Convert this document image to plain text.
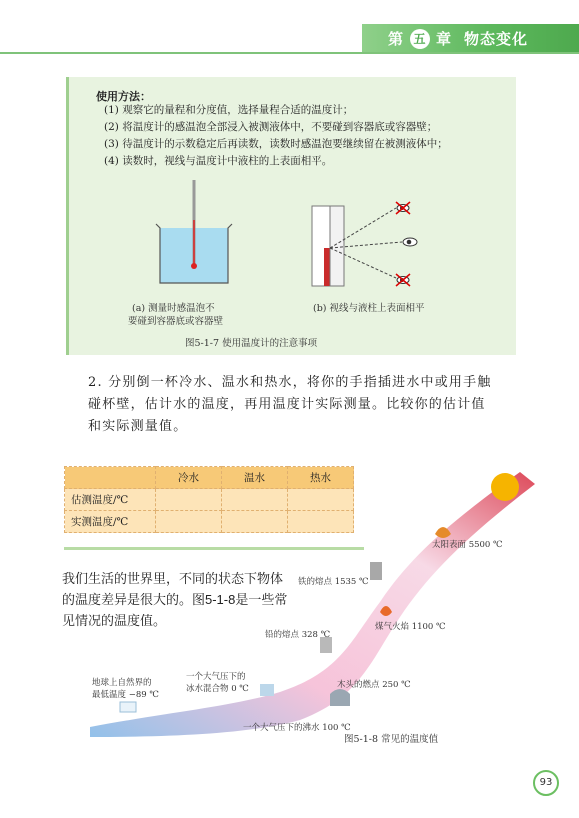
第 五 章 物态变化
使用方法：
(1) 观察它的量程和分度值，选择量程合适的温度计；
(2) 将温度计的感温泡全部浸入被测液体中，不要碰到容器底或容器壁；
(3) 待温度计的示数稳定后再读数，读数时感温泡要继续留在被测液体中；
(4) 读数时，视线与温度计中液柱的上表面相平。
(a) 测量时感温泡不
要碰到容器底或容器壁
(b) 视线与液柱上表面相平
图5-1-7 使用温度计的注意事项
2. 分别倒一杯冷水、温水和热水，将你的手指插进水中或用手触碰杯壁，估计水的温度，再用温度计实际测量。比较你的估计值和实际测量值。
	冷水	温水	热水
估测温度/℃			
实测温度/℃			
我们生活的世界里，不同的状态下物体的温度差异是很大的。图5-1-8是一些常见情况的温度值。
太阳表面 5500 ℃
铁的熔点 1535 ℃
煤气火焰 1100 ℃
铅的熔点 328 ℃
木头的燃点 250 ℃
地球上自然界的
最低温度 −89 ℃
一个大气压下的
冰水混合物 0 ℃
一个大气压下的沸水 100 ℃
图5-1-8 常见的温度值
93
